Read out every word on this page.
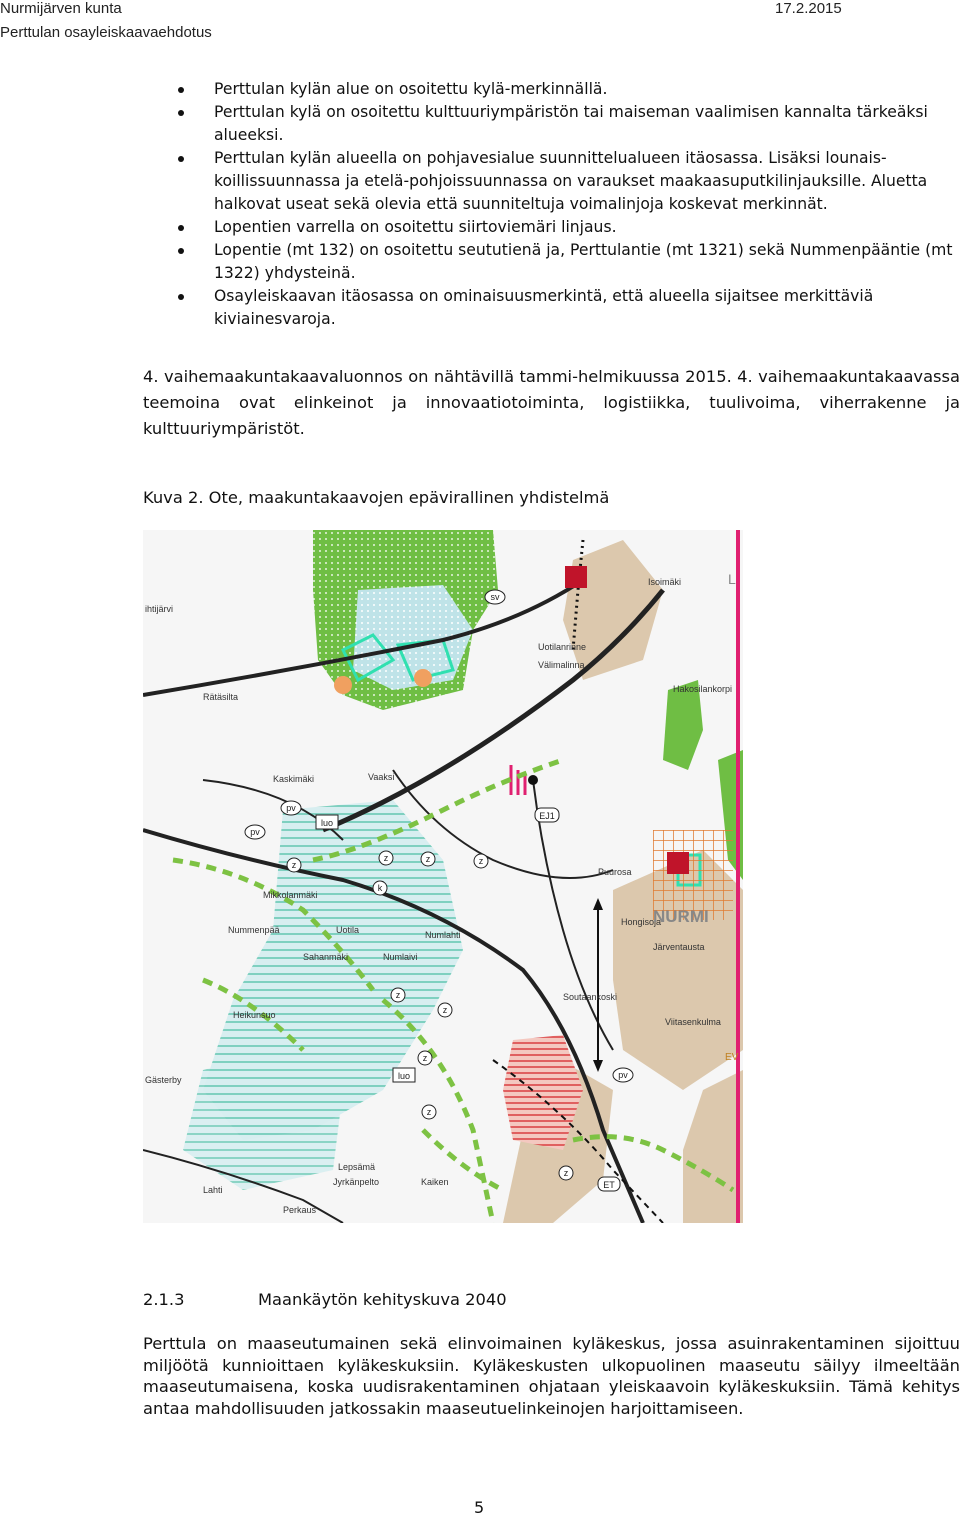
Nurmijärven kunta	17.2.2015
Perttulan osayleiskaavaehdotus
Perttulan kylän alue on osoitettu kylä-merkinnällä.
Perttulan kylä on osoitettu kulttuuriympäristön tai maiseman vaalimisen kannalta tärkeäksi alueeksi.
Perttulan kylän alueella on pohjavesialue suunnittelualueen itäosassa. Lisäksi lounais-koillissuunnassa ja etelä-pohjoissuunnassa on varaukset maakaasuputkilinjauksille. Aluetta halkovat useat sekä olevia että suunniteltuja voimalinjoja koskevat merkinnät.
Lopentien varrella on osoitettu siirtoviemäri linjaus.
Lopentie (mt 132) on osoitettu seututienä ja, Perttulantie (mt 1321) sekä Nummenpääntie (mt 1322) yhdysteinä.
Osayleiskaavan itäosassa on ominaisuusmerkintä, että alueella sijaitsee merkittäviä kiviainesvaroja.

4. vaihemaakuntakaavaluonnos on nähtävillä tammi-helmikuussa 2015. 4. vaihemaakuntakaavassa teemoina ovat elinkeinot ja innovaatiotoiminta, logistiikka, tuulivoima, viherrakenne ja kulttuuriympäristöt.

Kuva 2. Ote, maakuntakaavojen epävirallinen yhdistelmä
ihtijärvi
Rätäsilta
Kaskimäki	Vaaksi
Uotilanrinne
Välimalinna
Isoimäki
Hakosilankorpi
Mikkolanmäki
Nummenpää	Uotila	Numlahti
Puurosa
Hongisoja
Järventausta
Sahanmäki	Numlaivi
Soutaankoski
Heikunsuo
Gästerby
Viitasenkulma
Lepsämä
Jyrkänpelto	Kaiken
Lahti
Perkaus
NURMI
L
EV
sv
pv
luo
pv
z
z	z	z
k
z
z
z
z
luo	pv
z
EJ1
ET
2.1.3	Maankäytön kehityskuva 2040

Perttula on maaseutumainen sekä elinvoimainen kyläkeskus, jossa asuinrakentaminen sijoittuu miljöötä kunnioittaen kyläkeskuksiin. Kyläkeskusten ulkopuolinen maaseutu säilyy ilmeeltään maaseutumaisena, koska uudisrakentaminen ohjataan yleiskaavoin kyläkeskuksiin. Tämä kehitys antaa mahdollisuuden jatkossakin maaseutuelinkeinojen harjoittamiseen.

5
